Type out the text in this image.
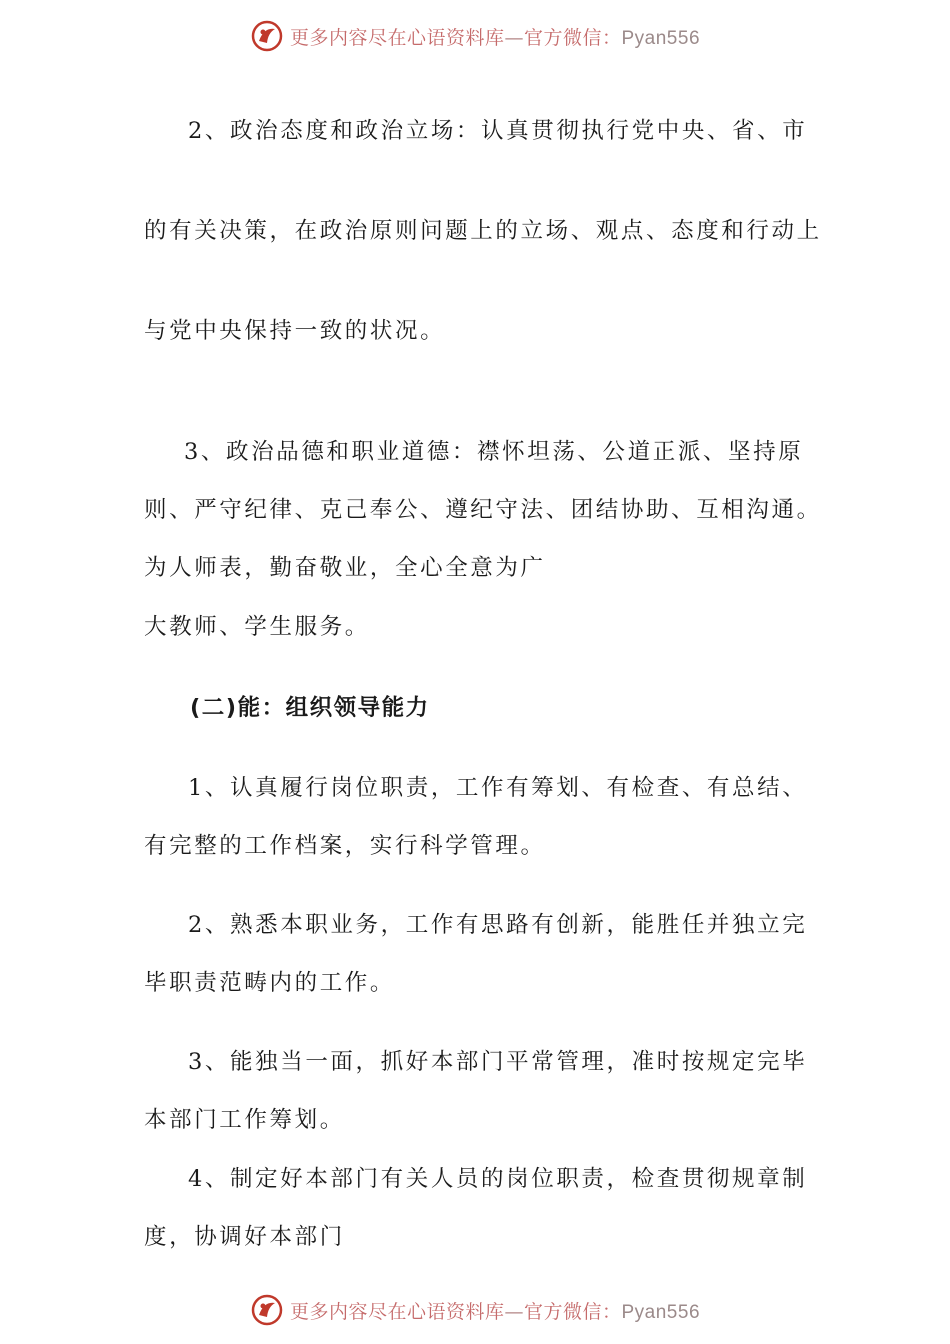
更多内容尽在心语资料库—官方微信：Pyan556
2、政治态度和政治立场：认真贯彻执行党中央、省、市
的有关决策，在政治原则问题上的立场、观点、态度和行动上
与党中央保持一致的状况。
3、政治品德和职业道德：襟怀坦荡、公道正派、坚持原
则、严守纪律、克己奉公、遵纪守法、团结协助、互相沟通。
为人师表，勤奋敬业，全心全意为广
大教师、学生服务。
(二)能：组织领导能力
1、认真履行岗位职责，工作有筹划、有检查、有总结、
有完整的工作档案，实行科学管理。
2、熟悉本职业务，工作有思路有创新，能胜任并独立完
毕职责范畴内的工作。
3、能独当一面，抓好本部门平常管理，准时按规定完毕
本部门工作筹划。
4、制定好本部门有关人员的岗位职责，检查贯彻规章制
度，协调好本部门
更多内容尽在心语资料库—官方微信：Pyan556
